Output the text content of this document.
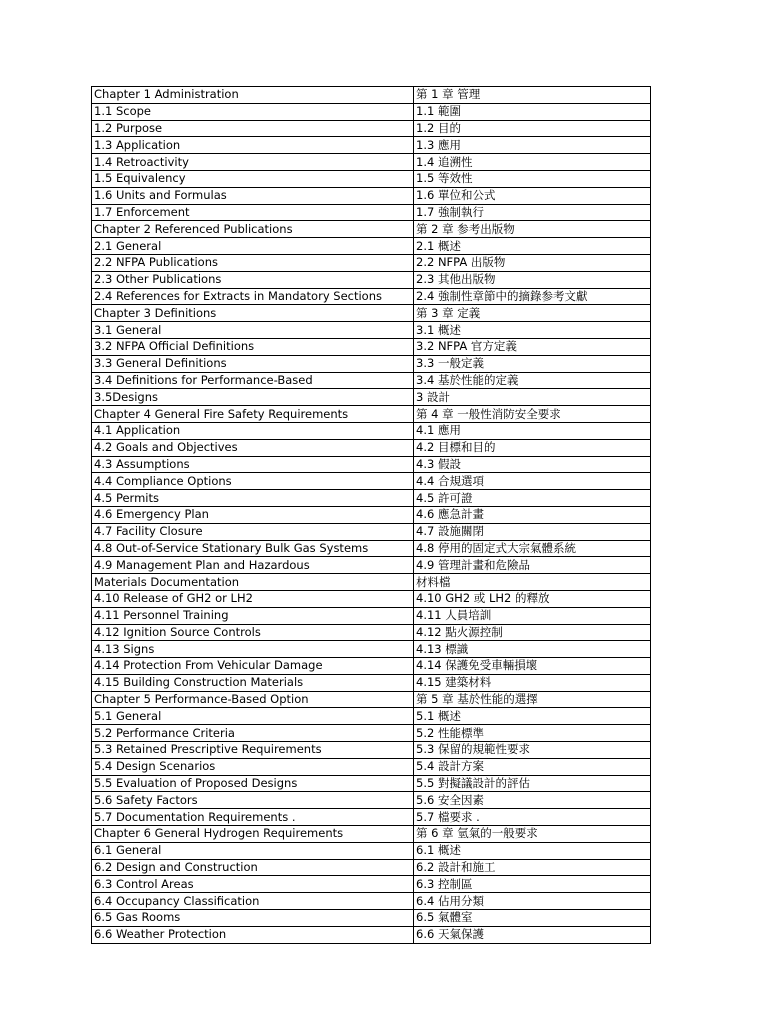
Chapter 1 Administration	第 1 章 管理
1.1 Scope	1.1 範圍
1.2 Purpose	1.2 目的
1.3 Application	1.3 應用
1.4 Retroactivity	1.4 追溯性
1.5 Equivalency	1.5 等效性
1.6 Units and Formulas	1.6 單位和公式
1.7 Enforcement	1.7 強制執行
Chapter 2 Referenced Publications	第 2 章 参考出版物
2.1 General	2.1 概述
2.2 NFPA Publications	2.2 NFPA 出版物
2.3 Other Publications	2.3 其他出版物
2.4 References for Extracts in Mandatory Sections	2.4 強制性章節中的摘錄参考文獻
Chapter 3 Definitions	第 3 章 定義
3.1 General	3.1 概述
3.2 NFPA Official Definitions	3.2 NFPA 官方定義
3.3 General Definitions	3.3 一般定義
3.4 Definitions for Performance-Based	3.4 基於性能的定義
3.5Designs	3 設計
Chapter 4 General Fire Safety Requirements	第 4 章 一般性消防安全要求
4.1 Application	4.1 應用
4.2 Goals and Objectives	4.2 目標和目的
4.3 Assumptions	4.3 假設
4.4 Compliance Options	4.4 合規選項
4.5 Permits	4.5 許可證
4.6 Emergency Plan	4.6 應急計畫
4.7 Facility Closure	4.7 設施關閉
4.8 Out-of-Service Stationary Bulk Gas Systems	4.8 停用的固定式大宗氣體系統
4.9 Management Plan and Hazardous	4.9 管理計畫和危險品
Materials Documentation	材料檔
4.10 Release of GH2 or LH2	4.10 GH2 或 LH2 的釋放
4.11 Personnel Training	4.11 人員培訓
4.12 Ignition Source Controls	4.12 點火源控制
4.13 Signs	4.13 標識
4.14 Protection From Vehicular Damage	4.14 保護免受車輛損壞
4.15 Building Construction Materials	4.15 建築材料
Chapter 5 Performance-Based Option	第 5 章 基於性能的選擇
5.1 General	5.1 概述
5.2 Performance Criteria	5.2 性能標準
5.3 Retained Prescriptive Requirements	5.3 保留的規範性要求
5.4 Design Scenarios	5.4 設計方案
5.5 Evaluation of Proposed Designs	5.5 對擬議設計的評估
5.6 Safety Factors	5.6 安全因素
5.7 Documentation Requirements .	5.7 檔要求 .
Chapter 6 General Hydrogen Requirements	第 6 章 氫氣的一般要求
6.1 General	6.1 概述
6.2 Design and Construction	6.2 設計和施工
6.3 Control Areas	6.3 控制區
6.4 Occupancy Classification	6.4 佔用分類
6.5 Gas Rooms	6.5 氣體室
6.6 Weather Protection	6.6 天氣保護
